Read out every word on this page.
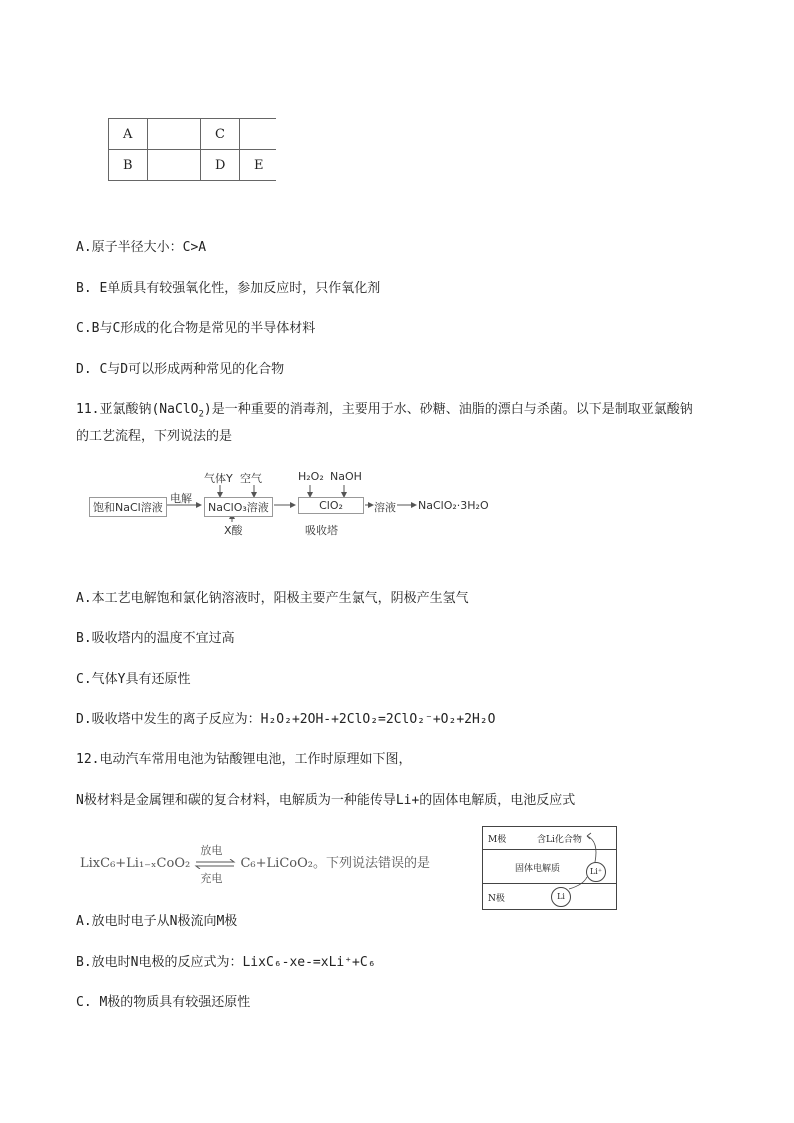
A		C	
B		D	E
A.原子半径大小：C>A
B. E单质具有较强氧化性，参加反应时，只作氧化剂
C.B与C形成的化合物是常见的半导体材料
D. C与D可以形成两种常见的化合物
11.亚氯酸钠(NaClO$_2$)是一种重要的消毒剂，主要用于水、砂糖、油脂的漂白与杀菌。以下是制取亚氯酸钠
的工艺流程，下列说法的是
饱和NaCl溶液
电解
气体Y 空气
NaClO₃溶液
X酸
H₂O₂ NaOH
ClO₂
吸收塔
溶液 NaClO₂·3H₂O
A.本工艺电解饱和氯化钠溶液时，阳极主要产生氯气，阴极产生氢气
B.吸收塔内的温度不宜过高
C.气体Y具有还原性
D.吸收塔中发生的离子反应为：H₂O₂+2OH-+2ClO₂=2ClO₂⁻+O₂+2H₂O
12.电动汽车常用电池为钴酸锂电池，工作时原理如下图，
N极材料是金属锂和碳的复合材料，电解质为一种能传导Li+的固体电解质，电池反应式
LixC₆+Li₁₋ₓCoO₂
放电
充电
C₆+LiCoO₂。下列说法错误的是
M极	含Li化合物
固体电解质
N极
Li⁺
Li
A.放电时电子从N极流向M极
B.放电时N电极的反应式为：LixC₆-xe-=xLi⁺+C₆
C. M极的物质具有较强还原性
